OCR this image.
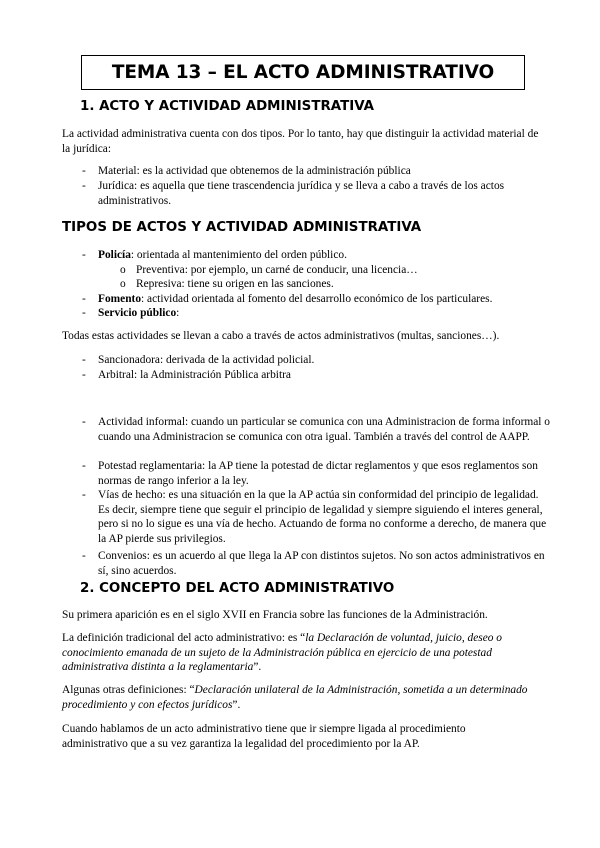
TEMA 13 – EL ACTO ADMINISTRATIVO
1. ACTO Y ACTIVIDAD ADMINISTRATIVA
La actividad administrativa cuenta con dos tipos. Por lo tanto, hay que distinguir la actividad material de la jurídica:
- Material: es la actividad que obtenemos de la administración pública
- Jurídica: es aquella que tiene trascendencia jurídica y se lleva a cabo a través de los actos administrativos.
TIPOS DE ACTOS Y ACTIVIDAD ADMINISTRATIVA
- Policía: orientada al mantenimiento del orden público.
o Preventiva: por ejemplo, un carné de conducir, una licencia…
o Represiva: tiene su origen en las sanciones.
- Fomento: actividad orientada al fomento del desarrollo económico de los particulares.
- Servicio público:
Todas estas actividades se llevan a cabo a través de actos administrativos (multas, sanciones…).
- Sancionadora: derivada de la actividad policial.
- Arbitral: la Administración Pública arbitra
- Actividad informal: cuando un particular se comunica con una Administracion de forma informal o cuando una Administracion se comunica con otra igual. También a través del control de AAPP.
- Potestad reglamentaria: la AP tiene la potestad de dictar reglamentos y que esos reglamentos son normas de rango inferior a la ley.
- Vías de hecho: es una situación en la que la AP actúa sin conformidad del principio de legalidad. Es decir, siempre tiene que seguir el principio de legalidad y siempre siguiendo el interes general, pero si no lo sigue es una vía de hecho. Actuando de forma no conforme a derecho, de manera que la AP pierde sus privilegios.
- Convenios: es un acuerdo al que llega la AP con distintos sujetos. No son actos administrativos en sí, sino acuerdos.
2. CONCEPTO DEL ACTO ADMINISTRATIVO
Su primera aparición es en el siglo XVII en Francia sobre las funciones de la Administración.
La definición tradicional del acto administrativo: es “la Declaración de voluntad, juicio, deseo o conocimiento emanada de un sujeto de la Administración pública en ejercicio de una potestad administrativa distinta a la reglamentaria”.
Algunas otras definiciones: “Declaración unilateral de la Administración, sometida a un determinado procedimiento y con efectos jurídicos”.
Cuando hablamos de un acto administrativo tiene que ir siempre ligada al procedimiento administrativo que a su vez garantiza la legalidad del procedimiento por la AP.
